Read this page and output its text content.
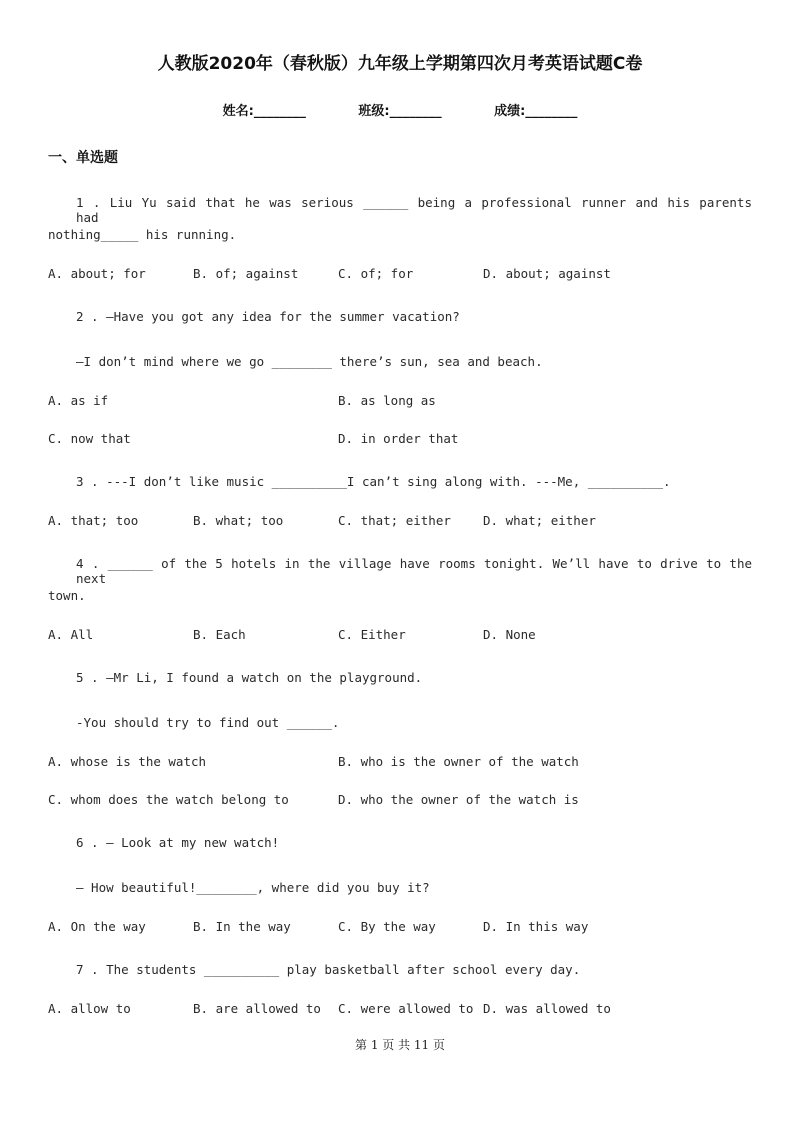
人教版2020年（春秋版）九年级上学期第四次月考英语试题C卷
姓名:________	班级:________	成绩:________
一、单选题
1 . Liu Yu said that he was serious ______ being a professional runner and his parents had
nothing_____ his running.
A. about; for	B. of; against	C. of; for	D. about; against
2 . —Have you got any idea for the summer vacation?
—I don’t mind where we go ________ there’s sun, sea and beach.
A. as if	B. as long as
C. now that	D. in order that
3 . ---I don’t like music __________I can’t sing along with. ---Me, __________.
A. that; too	B. what; too	C. that; either	D. what; either
4 . ______ of the 5 hotels in the village have rooms tonight. We’ll have to drive to the next
town.
A. All	B. Each	C. Either	D. None
5 . –Mr Li, I found a watch on the playground.
-You should try to find out ______.
A. whose is the watch	B. who is the owner of the watch
C. whom does the watch belong to	D. who the owner of the watch is
6 . — Look at my new watch!
— How beautiful!________, where did you buy it?
A. On the way	B. In the way	C. By the way	D. In this way
7 . The students __________ play basketball after school every day.
A. allow to	B. are allowed to C. were allowed to D. was allowed to
第 1 页 共 11 页
